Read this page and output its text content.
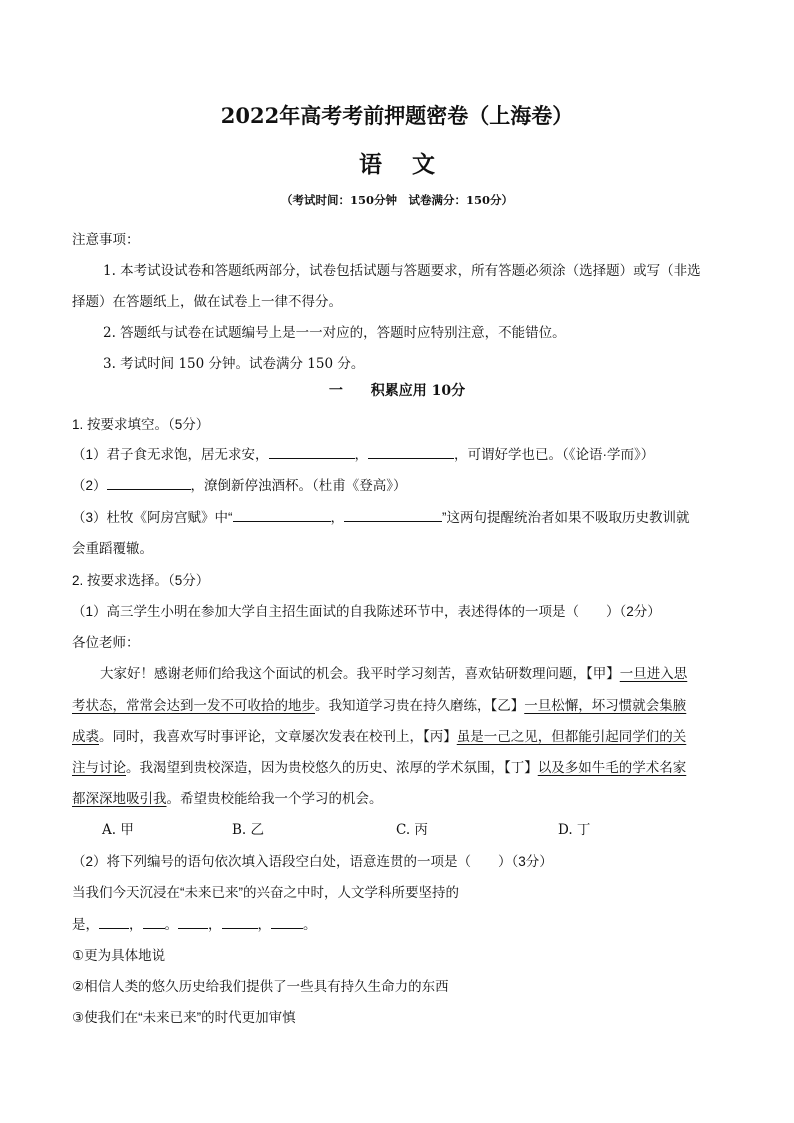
2022年高考考前押题密卷（上海卷）
语文
（考试时间：150分钟　试卷满分：150分）
注意事项：
1. 本考试设试卷和答题纸两部分，试卷包括试题与答题要求，所有答题必须涂（选择题）或写（非选
择题）在答题纸上，做在试卷上一律不得分。
2. 答题纸与试卷在试题编号上是一一对应的，答题时应特别注意，不能错位。
3. 考试时间 150 分钟。试卷满分 150 分。
一　　积累应用 10分
1. 按要求填空。（5分）
（1）君子食无求饱，居无求安，	，	，可谓好学也已。（《论语·学而》）
（2）	，潦倒新停浊酒杯。（杜甫《登高》）
（3）杜牧《阿房宫赋》中“	，	”这两句提醒统治者如果不吸取历史教训就
会重蹈覆辙。
2. 按要求选择。（5分）
（1）高三学生小明在参加大学自主招生面试的自我陈述环节中，表述得体的一项是（　　）（2分）
各位老师：
大家好！感谢老师们给我这个面试的机会。我平时学习刻苦，喜欢钻研数理问题，【甲】一旦进入思
考状态，常常会达到一发不可收拾的地步。我知道学习贵在持久磨练，【乙】一旦松懈，坏习惯就会集腋
成裘。同时，我喜欢写时事评论，文章屡次发表在校刊上，【丙】虽是一己之见，但都能引起同学们的关
注与讨论。我渴望到贵校深造，因为贵校悠久的历史、浓厚的学术氛围，【丁】以及多如牛毛的学术名家
都深深地吸引我。希望贵校能给我一个学习的机会。
A. 甲	B. 乙	C. 丙	D. 丁
（2）将下列编号的语句依次填入语段空白处，语意连贯的一项是（　　）（3分）
当我们今天沉浸在“未来已来”的兴奋之中时，人文学科所要坚持的
是， ， 。 ，	， 。
①更为具体地说
②相信人类的悠久历史给我们提供了一些具有持久生命力的东西
③使我们在“未来已来”的时代更加审慎
